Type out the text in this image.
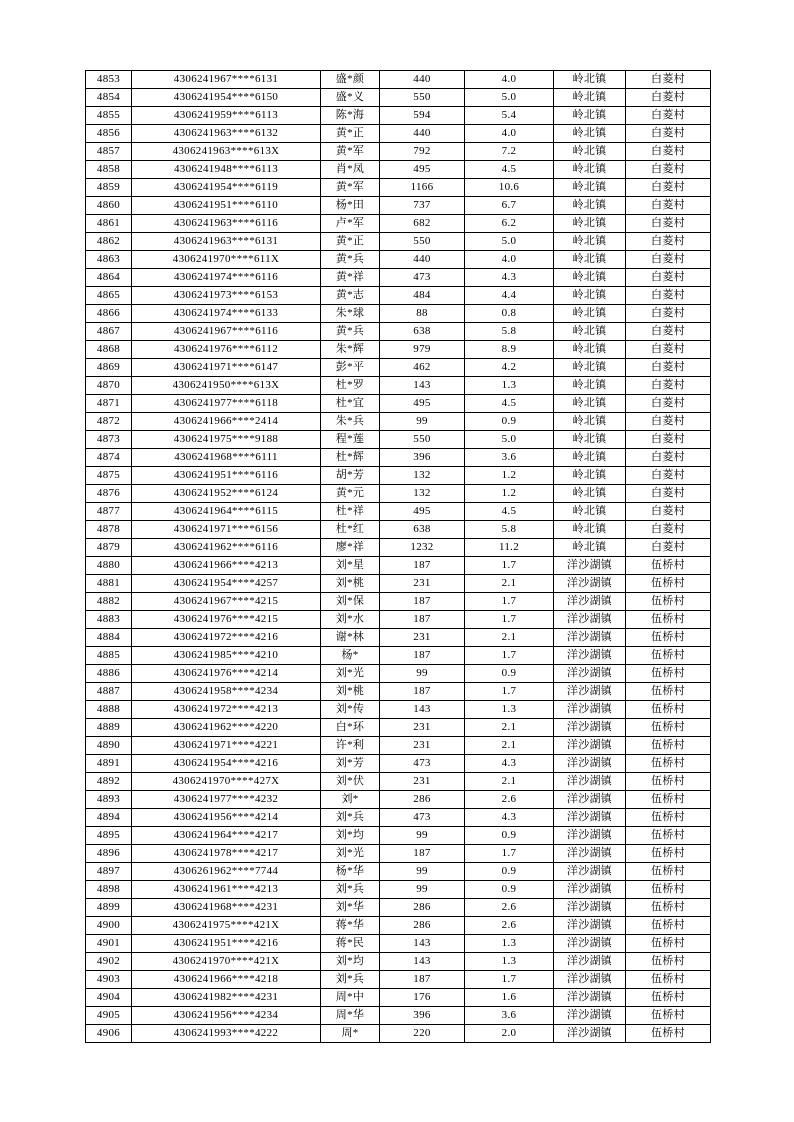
4853	4306241967****6131	盛*颜	440	4.0	岭北镇	白菱村
4854	4306241954****6150	盛*义	550	5.0	岭北镇	白菱村
4855	4306241959****6113	陈*海	594	5.4	岭北镇	白菱村
4856	4306241963****6132	黄*正	440	4.0	岭北镇	白菱村
4857	4306241963****613X	黄*军	792	7.2	岭北镇	白菱村
4858	4306241948****6113	肖*凤	495	4.5	岭北镇	白菱村
4859	4306241954****6119	黄*军	1166	10.6	岭北镇	白菱村
4860	4306241951****6110	杨*田	737	6.7	岭北镇	白菱村
4861	4306241963****6116	卢*军	682	6.2	岭北镇	白菱村
4862	4306241963****6131	黄*正	550	5.0	岭北镇	白菱村
4863	4306241970****611X	黄*兵	440	4.0	岭北镇	白菱村
4864	4306241974****6116	黄*祥	473	4.3	岭北镇	白菱村
4865	4306241973****6153	黄*志	484	4.4	岭北镇	白菱村
4866	4306241974****6133	朱*球	88	0.8	岭北镇	白菱村
4867	4306241967****6116	黄*兵	638	5.8	岭北镇	白菱村
4868	4306241976****6112	朱*辉	979	8.9	岭北镇	白菱村
4869	4306241971****6147	彭*平	462	4.2	岭北镇	白菱村
4870	4306241950****613X	杜*罗	143	1.3	岭北镇	白菱村
4871	4306241977****6118	杜*宜	495	4.5	岭北镇	白菱村
4872	4306241966****2414	朱*兵	99	0.9	岭北镇	白菱村
4873	4306241975****9188	程*莲	550	5.0	岭北镇	白菱村
4874	4306241968****6111	杜*辉	396	3.6	岭北镇	白菱村
4875	4306241951****6116	胡*芳	132	1.2	岭北镇	白菱村
4876	4306241952****6124	黄*元	132	1.2	岭北镇	白菱村
4877	4306241964****6115	杜*祥	495	4.5	岭北镇	白菱村
4878	4306241971****6156	杜*红	638	5.8	岭北镇	白菱村
4879	4306241962****6116	廖*祥	1232	11.2	岭北镇	白菱村
4880	4306241966****4213	刘*星	187	1.7	洋沙湖镇	伍桥村
4881	4306241954****4257	刘*桃	231	2.1	洋沙湖镇	伍桥村
4882	4306241967****4215	刘*保	187	1.7	洋沙湖镇	伍桥村
4883	4306241976****4215	刘*水	187	1.7	洋沙湖镇	伍桥村
4884	4306241972****4216	谢*林	231	2.1	洋沙湖镇	伍桥村
4885	4306241985****4210	杨*	187	1.7	洋沙湖镇	伍桥村
4886	4306241976****4214	刘*光	99	0.9	洋沙湖镇	伍桥村
4887	4306241958****4234	刘*桃	187	1.7	洋沙湖镇	伍桥村
4888	4306241972****4213	刘*传	143	1.3	洋沙湖镇	伍桥村
4889	4306241962****4220	白*环	231	2.1	洋沙湖镇	伍桥村
4890	4306241971****4221	许*利	231	2.1	洋沙湖镇	伍桥村
4891	4306241954****4216	刘*芳	473	4.3	洋沙湖镇	伍桥村
4892	4306241970****427X	刘*伏	231	2.1	洋沙湖镇	伍桥村
4893	4306241977****4232	刘*	286	2.6	洋沙湖镇	伍桥村
4894	4306241956****4214	刘*兵	473	4.3	洋沙湖镇	伍桥村
4895	4306241964****4217	刘*均	99	0.9	洋沙湖镇	伍桥村
4896	4306241978****4217	刘*光	187	1.7	洋沙湖镇	伍桥村
4897	4306261962****7744	杨*华	99	0.9	洋沙湖镇	伍桥村
4898	4306241961****4213	刘*兵	99	0.9	洋沙湖镇	伍桥村
4899	4306241968****4231	刘*华	286	2.6	洋沙湖镇	伍桥村
4900	4306241975****421X	蒋*华	286	2.6	洋沙湖镇	伍桥村
4901	4306241951****4216	蒋*民	143	1.3	洋沙湖镇	伍桥村
4902	4306241970****421X	刘*均	143	1.3	洋沙湖镇	伍桥村
4903	4306241966****4218	刘*兵	187	1.7	洋沙湖镇	伍桥村
4904	4306241982****4231	周*中	176	1.6	洋沙湖镇	伍桥村
4905	4306241956****4234	周*华	396	3.6	洋沙湖镇	伍桥村
4906	4306241993****4222	周*	220	2.0	洋沙湖镇	伍桥村
